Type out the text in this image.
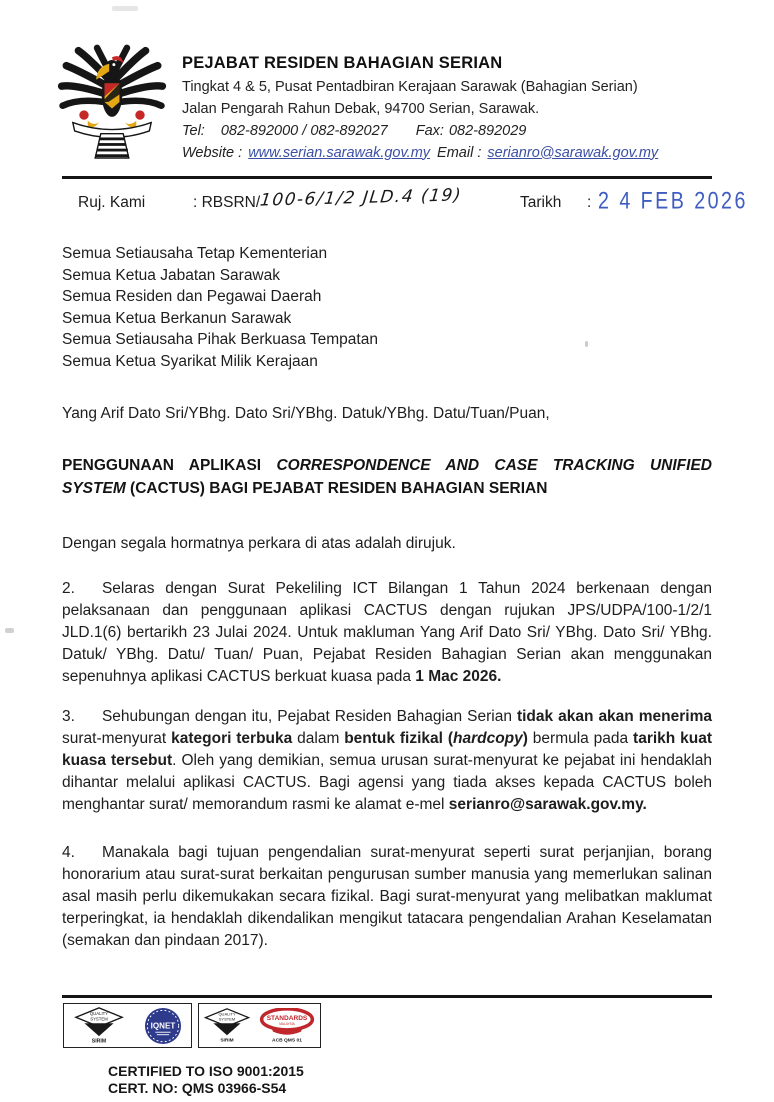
PEJABAT RESIDEN BAHAGIAN SERIAN
Tingkat 4 & 5, Pusat Pentadbiran Kerajaan Sarawak (Bahagian Serian)
Jalan Pengarah Rahun Debak, 94700 Serian, Sarawak.
Tel: 082-892000 / 082-892027 Fax: 082-892029
Website : www.serian.sarawak.gov.my Email : serianro@sarawak.gov.my
Ruj. Kami	: RBSRN/
100-6/1/2 JLD.4 (19)	Tarikh : 2 4 FEB 2026
Semua Setiausaha Tetap Kementerian
Semua Ketua Jabatan Sarawak
Semua Residen dan Pegawai Daerah
Semua Ketua Berkanun Sarawak
Semua Setiausaha Pihak Berkuasa Tempatan
Semua Ketua Syarikat Milik Kerajaan
Yang Arif Dato Sri/YBhg. Dato Sri/YBhg. Datuk/YBhg. Datu/Tuan/Puan,
PENGGUNAAN APLIKASI CORRESPONDENCE AND CASE TRACKING UNIFIED SYSTEM (CACTUS) BAGI PEJABAT RESIDEN BAHAGIAN SERIAN
Dengan segala hormatnya perkara di atas adalah dirujuk.
2. Selaras dengan Surat Pekeliling ICT Bilangan 1 Tahun 2024 berkenaan dengan pelaksanaan dan penggunaan aplikasi CACTUS dengan rujukan JPS/UDPA/100-1/2/1 JLD.1(6) bertarikh 23 Julai 2024. Untuk makluman Yang Arif Dato Sri/ YBhg. Dato Sri/ YBhg. Datuk/ YBhg. Datu/ Tuan/ Puan, Pejabat Residen Bahagian Serian akan menggunakan sepenuhnya aplikasi CACTUS berkuat kuasa pada 1 Mac 2026.
3. Sehubungan dengan itu, Pejabat Residen Bahagian Serian tidak akan akan menerima surat-menyurat kategori terbuka dalam bentuk fizikal (hardcopy) bermula pada tarikh kuat kuasa tersebut. Oleh yang demikian, semua urusan surat-menyurat ke pejabat ini hendaklah dihantar melalui aplikasi CACTUS. Bagi agensi yang tiada akses kepada CACTUS boleh menghantar surat/ memorandum rasmi ke alamat e-mel serianro@sarawak.gov.my.
4. Manakala bagi tujuan pengendalian surat-menyurat seperti surat perjanjian, borang honorarium atau surat-surat berkaitan pengurusan sumber manusia yang memerlukan salinan asal masih perlu dikemukakan secara fizikal. Bagi surat-menyurat yang melibatkan maklumat terperingkat, ia hendaklah dikendalikan mengikut tatacara pengendalian Arahan Keselamatan (semakan dan pindaan 2017).
QUALITY
SYSTEM
SIRIM
IQNET
QUALITY
SYSTEM
SIRIM
STANDARDS
MALAYSIA
ACB QMS 01
CERTIFIED TO ISO 9001:2015
CERT. NO: QMS 03966-S54
